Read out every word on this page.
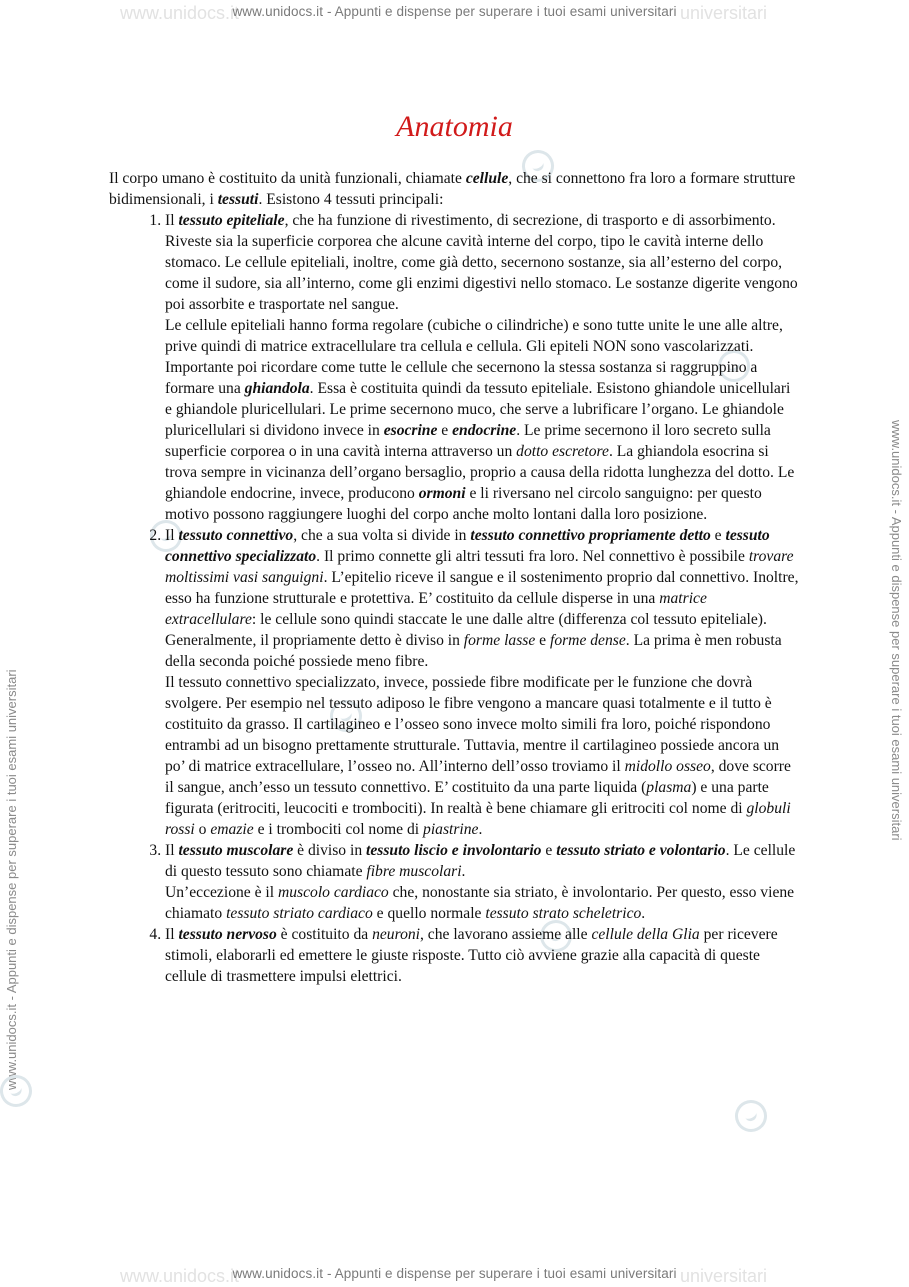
www.unidocs.it	universitari
www.unidocs.it	universitari
www.unidocs.it - Appunti e dispense per superare i tuoi esami universitari
www.unidocs.it - Appunti e dispense per superare i tuoi esami universitari
www.unidocs.it - Appunti e dispense per superare i tuoi esami universitari
www.unidocs.it - Appunti e dispense per superare i tuoi esami universitari
Anatomia

Il corpo umano è costituito da unità funzionali, chiamate cellule, che si connettono fra loro a formare strutture bidimensionali, i tessuti. Esistono 4 tessuti principali:

1. Il tessuto epiteliale, che ha funzione di rivestimento, di secrezione, di trasporto e di assorbimento. Riveste sia la superficie corporea che alcune cavità interne del corpo, tipo le cavità interne dello stomaco. Le cellule epiteliali, inoltre, come già detto, secernono sostanze, sia all’esterno del corpo, come il sudore, sia all’interno, come gli enzimi digestivi nello stomaco. Le sostanze digerite vengono poi assorbite e trasportate nel sangue.

Le cellule epiteliali hanno forma regolare (cubiche o cilindriche) e sono tutte unite le une alle altre, prive quindi di matrice extracellulare tra cellula e cellula. Gli epiteli NON sono vascolarizzati. Importante poi ricordare come tutte le cellule che secernono la stessa sostanza si raggruppino a formare una ghiandola. Essa è costituita quindi da tessuto epiteliale. Esistono ghiandole unicellulari e ghiandole pluricellulari. Le prime secernono muco, che serve a lubrificare l’organo. Le ghiandole pluricellulari si dividono invece in esocrine e endocrine. Le prime secernono il loro secreto sulla superficie corporea o in una cavità interna attraverso un dotto escretore. La ghiandola esocrina si trova sempre in vicinanza dell’organo bersaglio, proprio a causa della ridotta lunghezza del dotto. Le ghiandole endocrine, invece, producono ormoni e li riversano nel circolo sanguigno: per questo motivo possono raggiungere luoghi del corpo anche molto lontani dalla loro posizione.

2. Il tessuto connettivo, che a sua volta si divide in tessuto connettivo propriamente detto e tessuto connettivo specializzato. Il primo connette gli altri tessuti fra loro. Nel connettivo è possibile trovare moltissimi vasi sanguigni. L’epitelio riceve il sangue e il sostenimento proprio dal connettivo. Inoltre, esso ha funzione strutturale e protettiva. E’ costituito da cellule disperse in una matrice extracellulare: le cellule sono quindi staccate le une dalle altre (differenza col tessuto epiteliale).

Generalmente, il propriamente detto è diviso in forme lasse e forme dense. La prima è men robusta della seconda poiché possiede meno fibre.

Il tessuto connettivo specializzato, invece, possiede fibre modificate per le funzione che dovrà svolgere. Per esempio nel tessuto adiposo le fibre vengono a mancare quasi totalmente e il tutto è costituito da grasso. Il cartilagineo e l’osseo sono invece molto simili fra loro, poiché rispondono entrambi ad un bisogno prettamente strutturale. Tuttavia, mentre il cartilagineo possiede ancora un po’ di matrice extracellulare, l’osseo no. All’interno dell’osso troviamo il midollo osseo, dove scorre il sangue, anch’esso un tessuto connettivo. E’ costituito da una parte liquida (plasma) e una parte figurata (eritrociti, leucociti e trombociti). In realtà è bene chiamare gli eritrociti col nome di globuli rossi o emazie e i trombociti col nome di piastrine.

3. Il tessuto muscolare è diviso in tessuto liscio e involontario e tessuto striato e volontario. Le cellule di questo tessuto sono chiamate fibre muscolari.

Un’eccezione è il muscolo cardiaco che, nonostante sia striato, è involontario. Per questo, esso viene chiamato tessuto striato cardiaco e quello normale tessuto strato scheletrico.

4. Il tessuto nervoso è costituito da neuroni, che lavorano assieme alle cellule della Glia per ricevere stimoli, elaborarli ed emettere le giuste risposte. Tutto ciò avviene grazie alla capacità di queste cellule di trasmettere impulsi elettrici.
